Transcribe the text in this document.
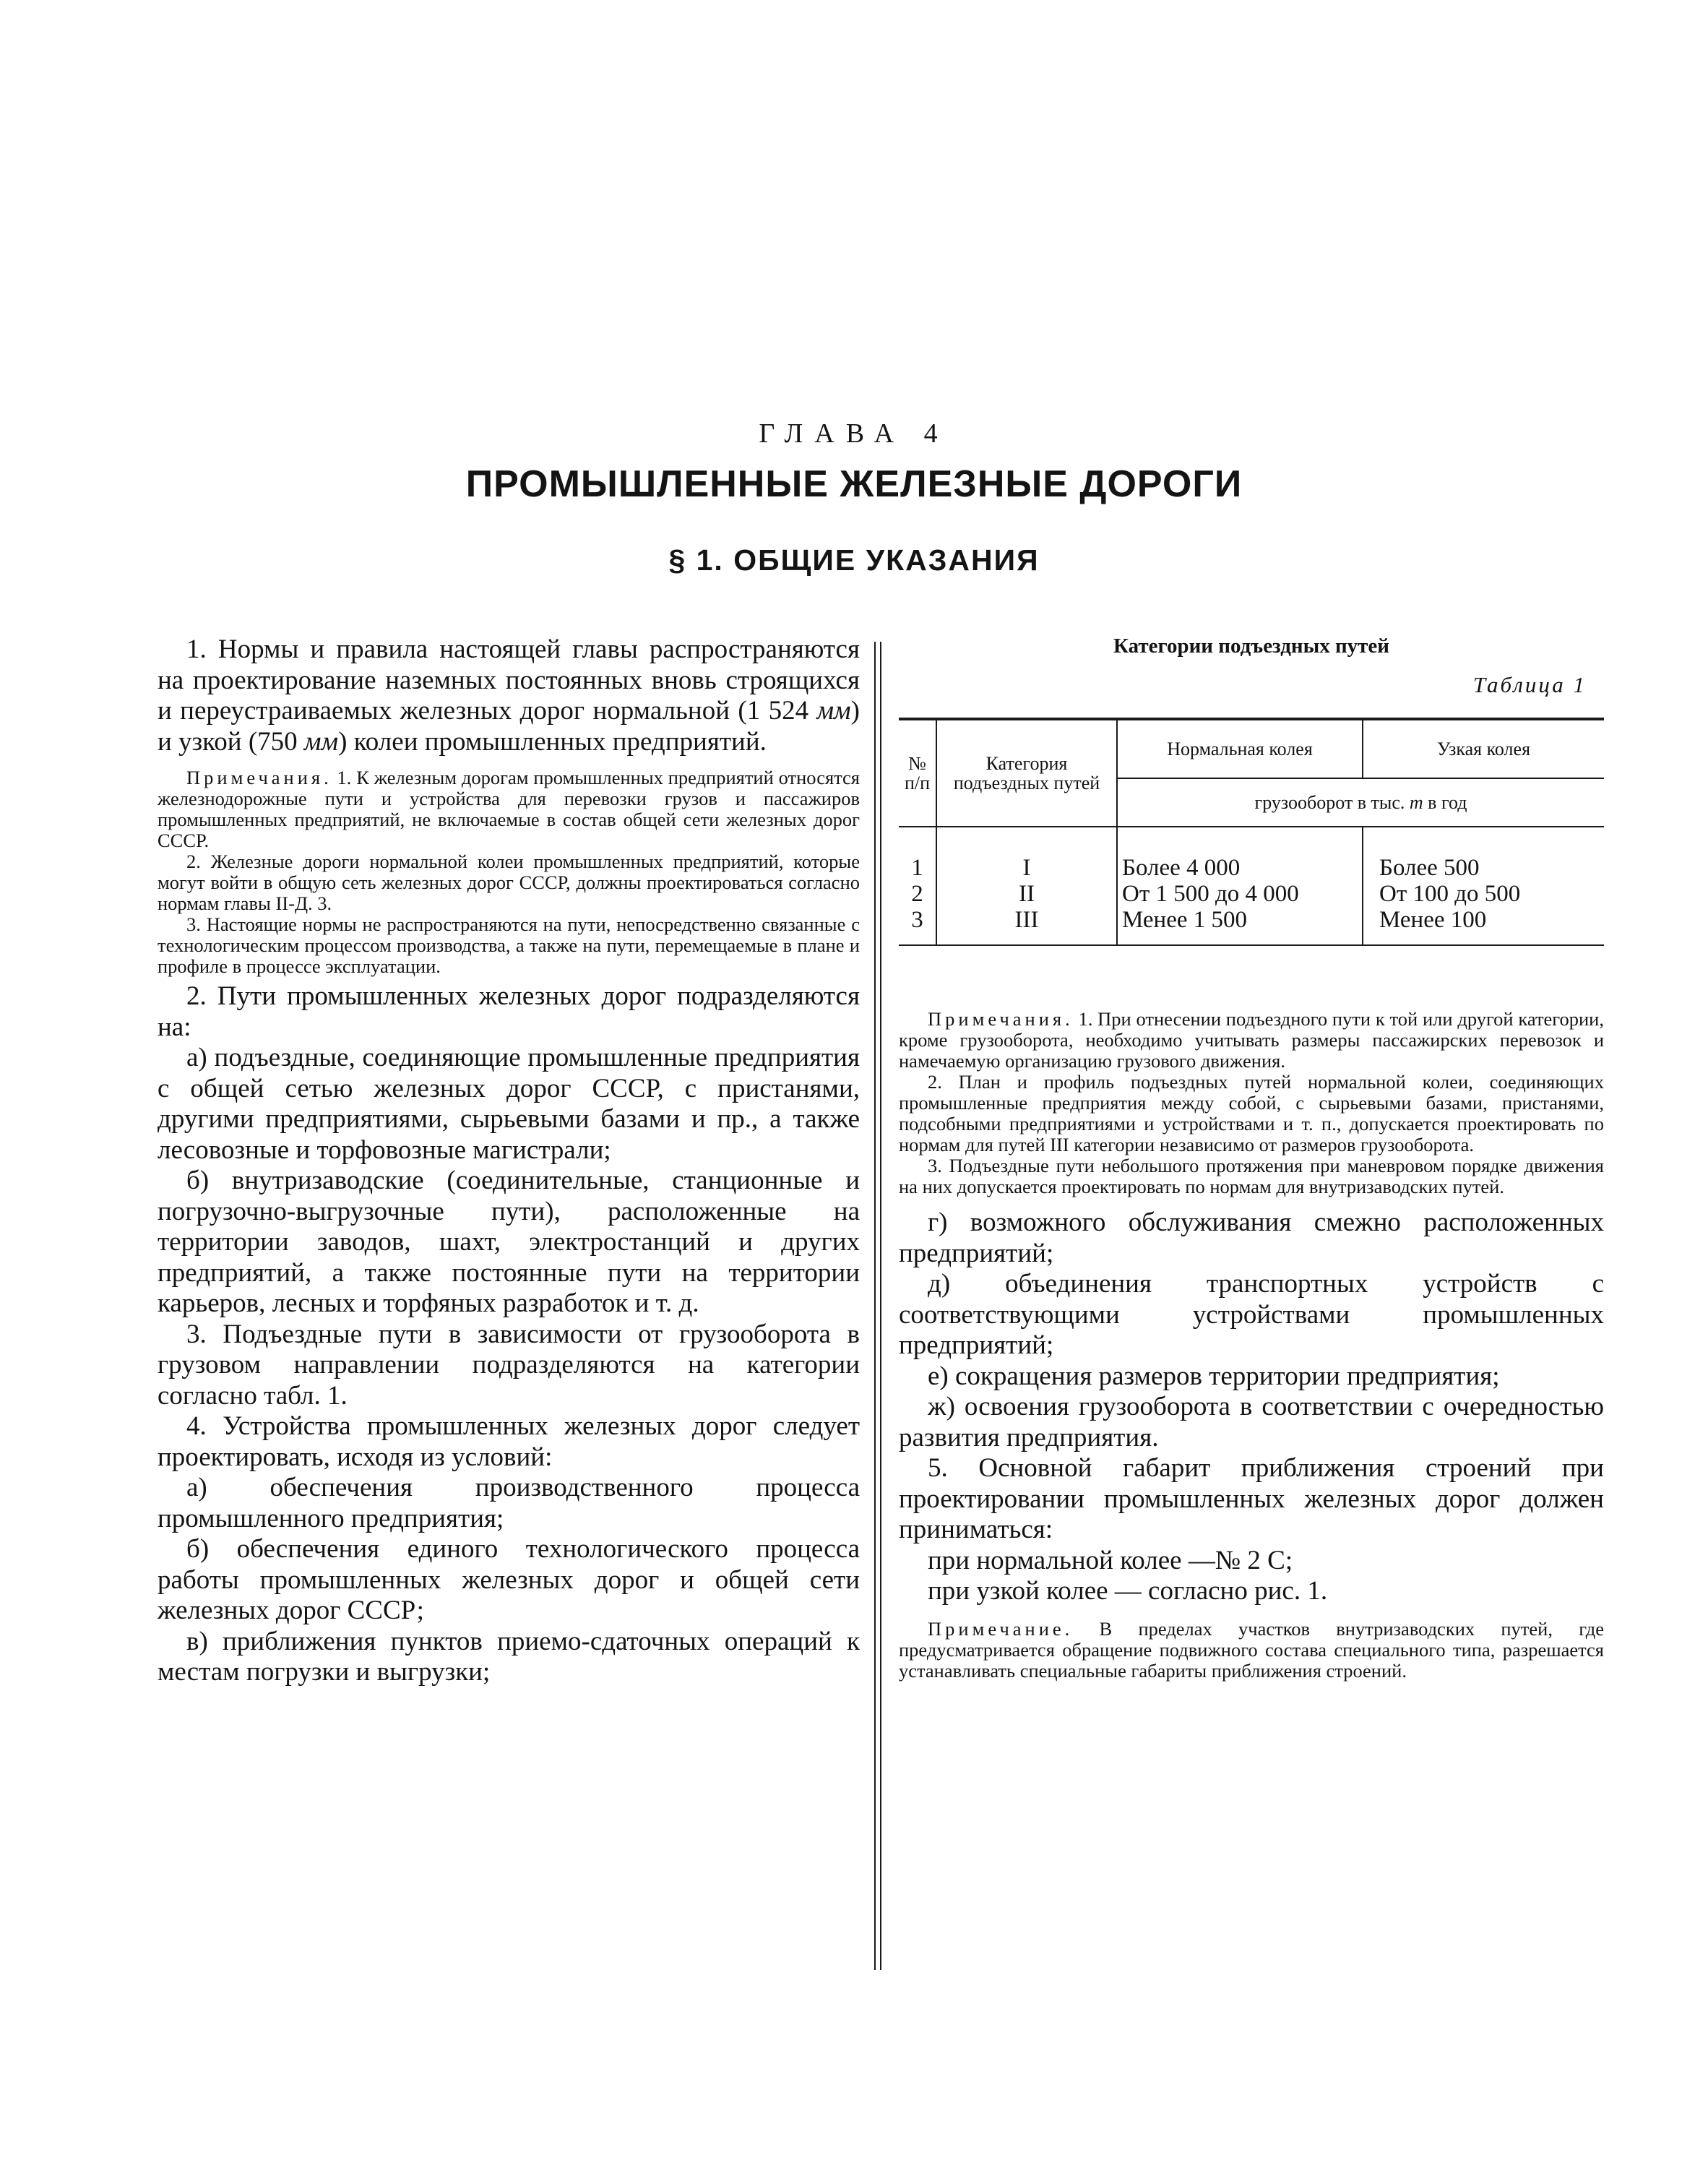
ГЛАВА 4
ПРОМЫШЛЕННЫЕ ЖЕЛЕЗНЫЕ ДОРОГИ
§ 1. ОБЩИЕ УКАЗАНИЯ

1. Нормы и правила настоящей главы распространяются на проектирование наземных постоянных вновь строящихся и переустраиваемых железных дорог нормальной (1 524 мм) и узкой (750 мм) колеи промышленных предприятий.

Примечания. 1. К железным дорогам промышленных предприятий относятся железнодорожные пути и устройства для перевозки грузов и пассажиров промышленных предприятий, не включаемые в состав общей сети железных дорог СССР.

2. Железные дороги нормальной колеи промышленных предприятий, которые могут войти в общую сеть железных дорог СССР, должны проектироваться согласно нормам главы II-Д. 3.

3. Настоящие нормы не распространяются на пути, непосредственно связанные с технологическим процессом производства, а также на пути, перемещаемые в плане и профиле в процессе эксплуатации.

2. Пути промышленных железных дорог подразделяются на:

а) подъездные, соединяющие промышленные предприятия с общей сетью железных дорог СССР, с пристанями, другими предприятиями, сырьевыми базами и пр., а также лесовозные и торфовозные магистрали;

б) внутризаводские (соединительные, станционные и погрузочно-выгрузочные пути), расположенные на территории заводов, шахт, электростанций и других предприятий, а также постоянные пути на территории карьеров, лесных и торфяных разработок и т. д.

3. Подъездные пути в зависимости от грузооборота в грузовом направлении подразделяются на категории согласно табл. 1.

4. Устройства промышленных железных дорог следует проектировать, исходя из условий:

а) обеспечения производственного процесса промышленного предприятия;

б) обеспечения единого технологического процесса работы промышленных железных дорог и общей сети железных дорог СССР;

в) приближения пунктов приемо-сдаточных операций к местам погрузки и выгрузки;

Категории подъездных путей
Таблица 1
№ п/п	Категория подъездных путей	Нормальная колея	Узкая колея
		грузооборот в тыс. т в год	

1	I	Более 4 000	Более 500
2	II	От 1 500 до 4 000	От 100 до 500
3	III	Менее 1 500	Менее 100

Примечания. 1. При отнесении подъездного пути к той или другой категории, кроме грузооборота, необходимо учитывать размеры пассажирских перевозок и намечаемую организацию грузового движения.

2. План и профиль подъездных путей нормальной колеи, соединяющих промышленные предприятия между собой, с сырьевыми базами, пристанями, подсобными предприятиями и устройствами и т. п., допускается проектировать по нормам для путей III категории независимо от размеров грузооборота.

3. Подъездные пути небольшого протяжения при маневровом порядке движения на них допускается проектировать по нормам для внутризаводских путей.

г) возможного обслуживания смежно расположенных предприятий;

д) объединения транспортных устройств с соответствующими устройствами промышленных предприятий;

е) сокращения размеров территории предприятия;

ж) освоения грузооборота в соответствии с очередностью развития предприятия.

5. Основной габарит приближения строений при проектировании промышленных железных дорог должен приниматься:

при нормальной колее —№ 2 С;

при узкой колее — согласно рис. 1.

Примечание. В пределах участков внутризаводских путей, где предусматривается обращение подвижного состава специального типа, разрешается устанавливать специальные габариты приближения строений.
